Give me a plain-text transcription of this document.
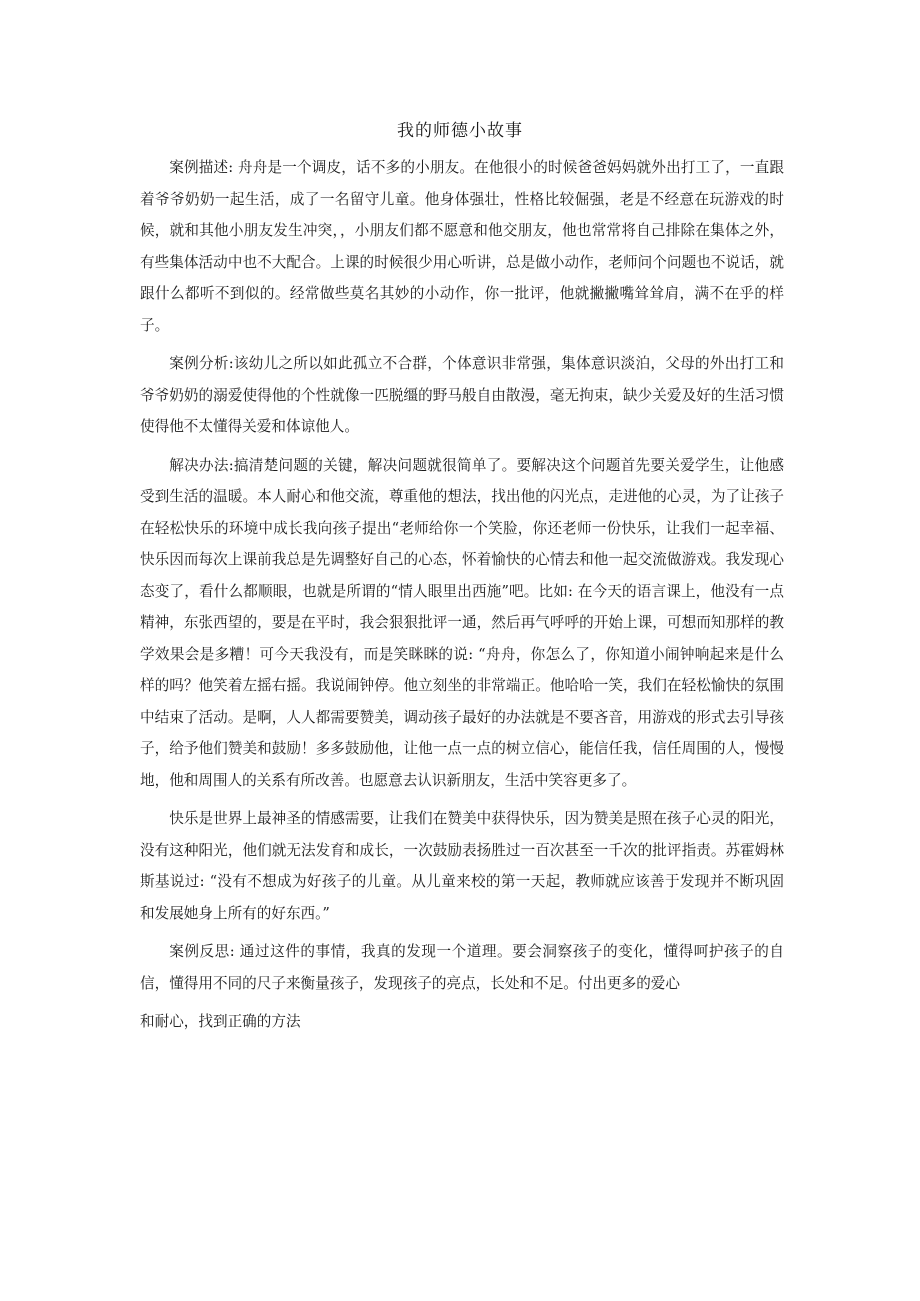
我的师德小故事

案例描述: 舟舟是一个调皮，话不多的小朋友。在他很小的时候爸爸妈妈就外出打工了，一直跟着爷爷奶奶一起生活，成了一名留守儿童。他身体强壮，性格比较倔强，老是不经意在玩游戏的时候，就和其他小朋友发生冲突，，小朋友们都不愿意和他交朋友，他也常常将自己排除在集体之外，有些集体活动中也不大配合。上课的时候很少用心听讲，总是做小动作，老师问个问题也不说话，就跟什么都听不到似的。经常做些莫名其妙的小动作，你一批评，他就撇撇嘴耸耸肩，满不在乎的样子。

案例分析:该幼儿之所以如此孤立不合群，个体意识非常强，集体意识淡泊，父母的外出打工和爷爷奶奶的溺爱使得他的个性就像一匹脱缰的野马般自由散漫，毫无拘束，缺少关爱及好的生活习惯使得他不太懂得关爱和体谅他人。

解决办法:搞清楚问题的关键，解决问题就很简单了。要解决这个问题首先要关爱学生，让他感受到生活的温暖。本人耐心和他交流，尊重他的想法，找出他的闪光点，走进他的心灵，为了让孩子在轻松快乐的环境中成长我向孩子提出“老师给你一个笑脸，你还老师一份快乐，让我们一起幸福、快乐因而每次上课前我总是先调整好自己的心态，怀着愉快的心情去和他一起交流做游戏。我发现心态变了，看什么都顺眼，也就是所谓的“情人眼里出西施”吧。比如: 在今天的语言课上，他没有一点精神，东张西望的，要是在平时，我会狠狠批评一通，然后再气呼呼的开始上课，可想而知那样的教学效果会是多糟！可今天我没有，而是笑眯眯的说: “舟舟，你怎么了，你知道小闹钟响起来是什么样的吗？他笑着左摇右摇。我说闹钟停。他立刻坐的非常端正。他哈哈一笑，我们在轻松愉快的氛围中结束了活动。是啊，人人都需要赞美，调动孩子最好的办法就是不要吝音，用游戏的形式去引导孩子，给予他们赞美和鼓励！多多鼓励他，让他一点一点的树立信心，能信任我，信任周围的人，慢慢地，他和周围人的关系有所改善。也愿意去认识新朋友，生活中笑容更多了。

快乐是世界上最神圣的情感需要，让我们在赞美中获得快乐，因为赞美是照在孩子心灵的阳光，没有这种阳光，他们就无法发育和成长，一次鼓励表扬胜过一百次甚至一千次的批评指责。苏霍姆林斯基说过: “没有不想成为好孩子的儿童。从儿童来校的第一天起，教师就应该善于发现并不断巩固和发展她身上所有的好东西。”

案例反思: 通过这件的事情，我真的发现一个道理。要会洞察孩子的变化，懂得呵护孩子的自信，懂得用不同的尺子来衡量孩子，发现孩子的亮点，长处和不足。付出更多的爱心

和耐心，找到正确的方法
